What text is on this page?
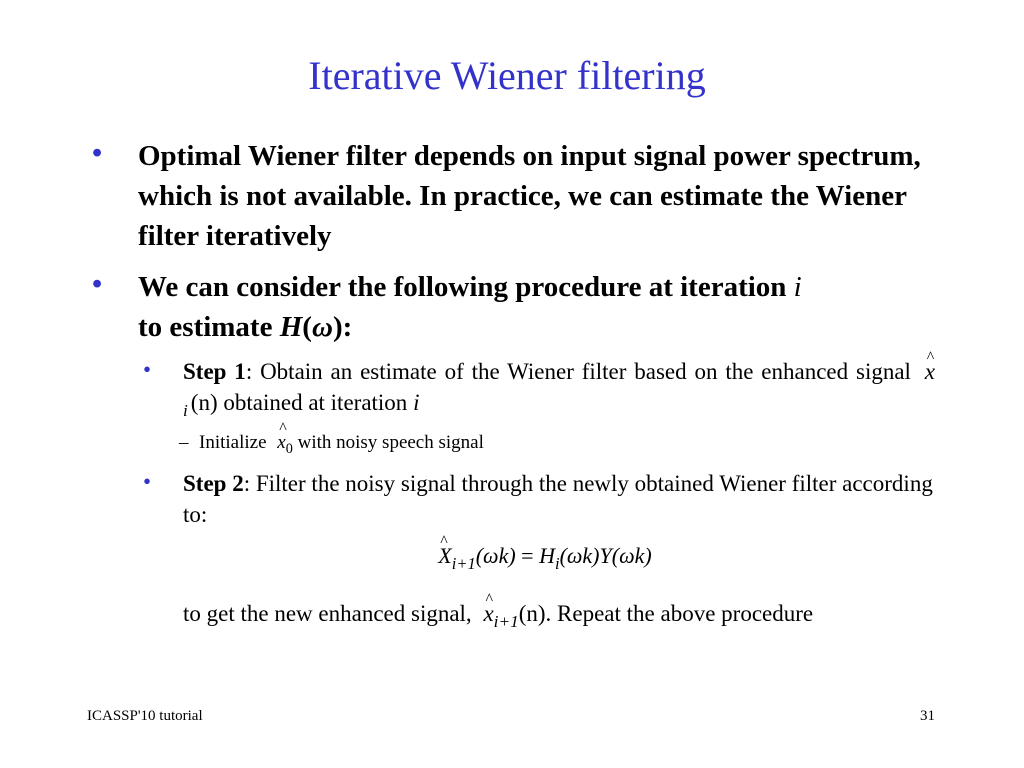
Iterative Wiener filtering
• Optimal Wiener filter depends on input signal power spectrum, which is not available. In practice, we can estimate the Wiener filter iteratively
• We can consider the following procedure at iteration i
to estimate H(ω):
• Step 1: Obtain an estimate of the Wiener filter based on the enhanced signal ^ $x_i$ (n) obtained at iteration i
– Initialize ^ $x_0$ with noisy speech signal
• Step 2: Filter the noisy signal through the newly obtained Wiener filter according to:
^ $X_{i+1}(\omega k) = H_i(\omega k)Y(\omega k)$
to get the new enhanced signal, ^ $x_{i+1}(n)$. Repeat the above procedure
ICASSP'10 tutorial	31
